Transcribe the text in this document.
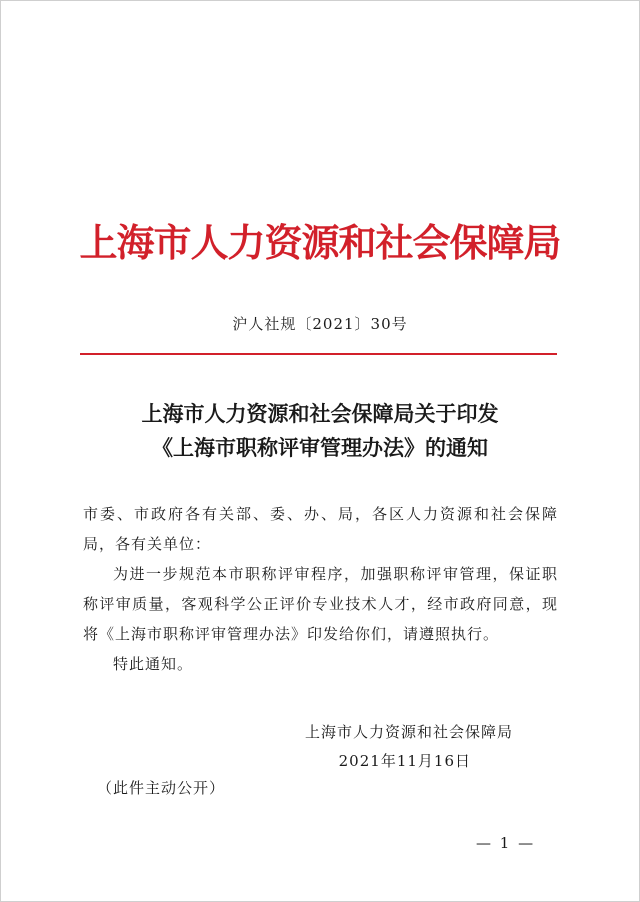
上海市人力资源和社会保障局
沪人社规〔2021〕30号
上海市人力资源和社会保障局关于印发
《上海市职称评审管理办法》的通知

市委、市政府各有关部、委、办、局，各区人力资源和社会保障局，各有关单位：

为进一步规范本市职称评审程序，加强职称评审管理，保证职称评审质量，客观科学公正评价专业技术人才，经市政府同意，现将《上海市职称评审管理办法》印发给你们，请遵照执行。

特此通知。

上海市人力资源和社会保障局
2021年11月16日
（此件主动公开）
— 1 —
